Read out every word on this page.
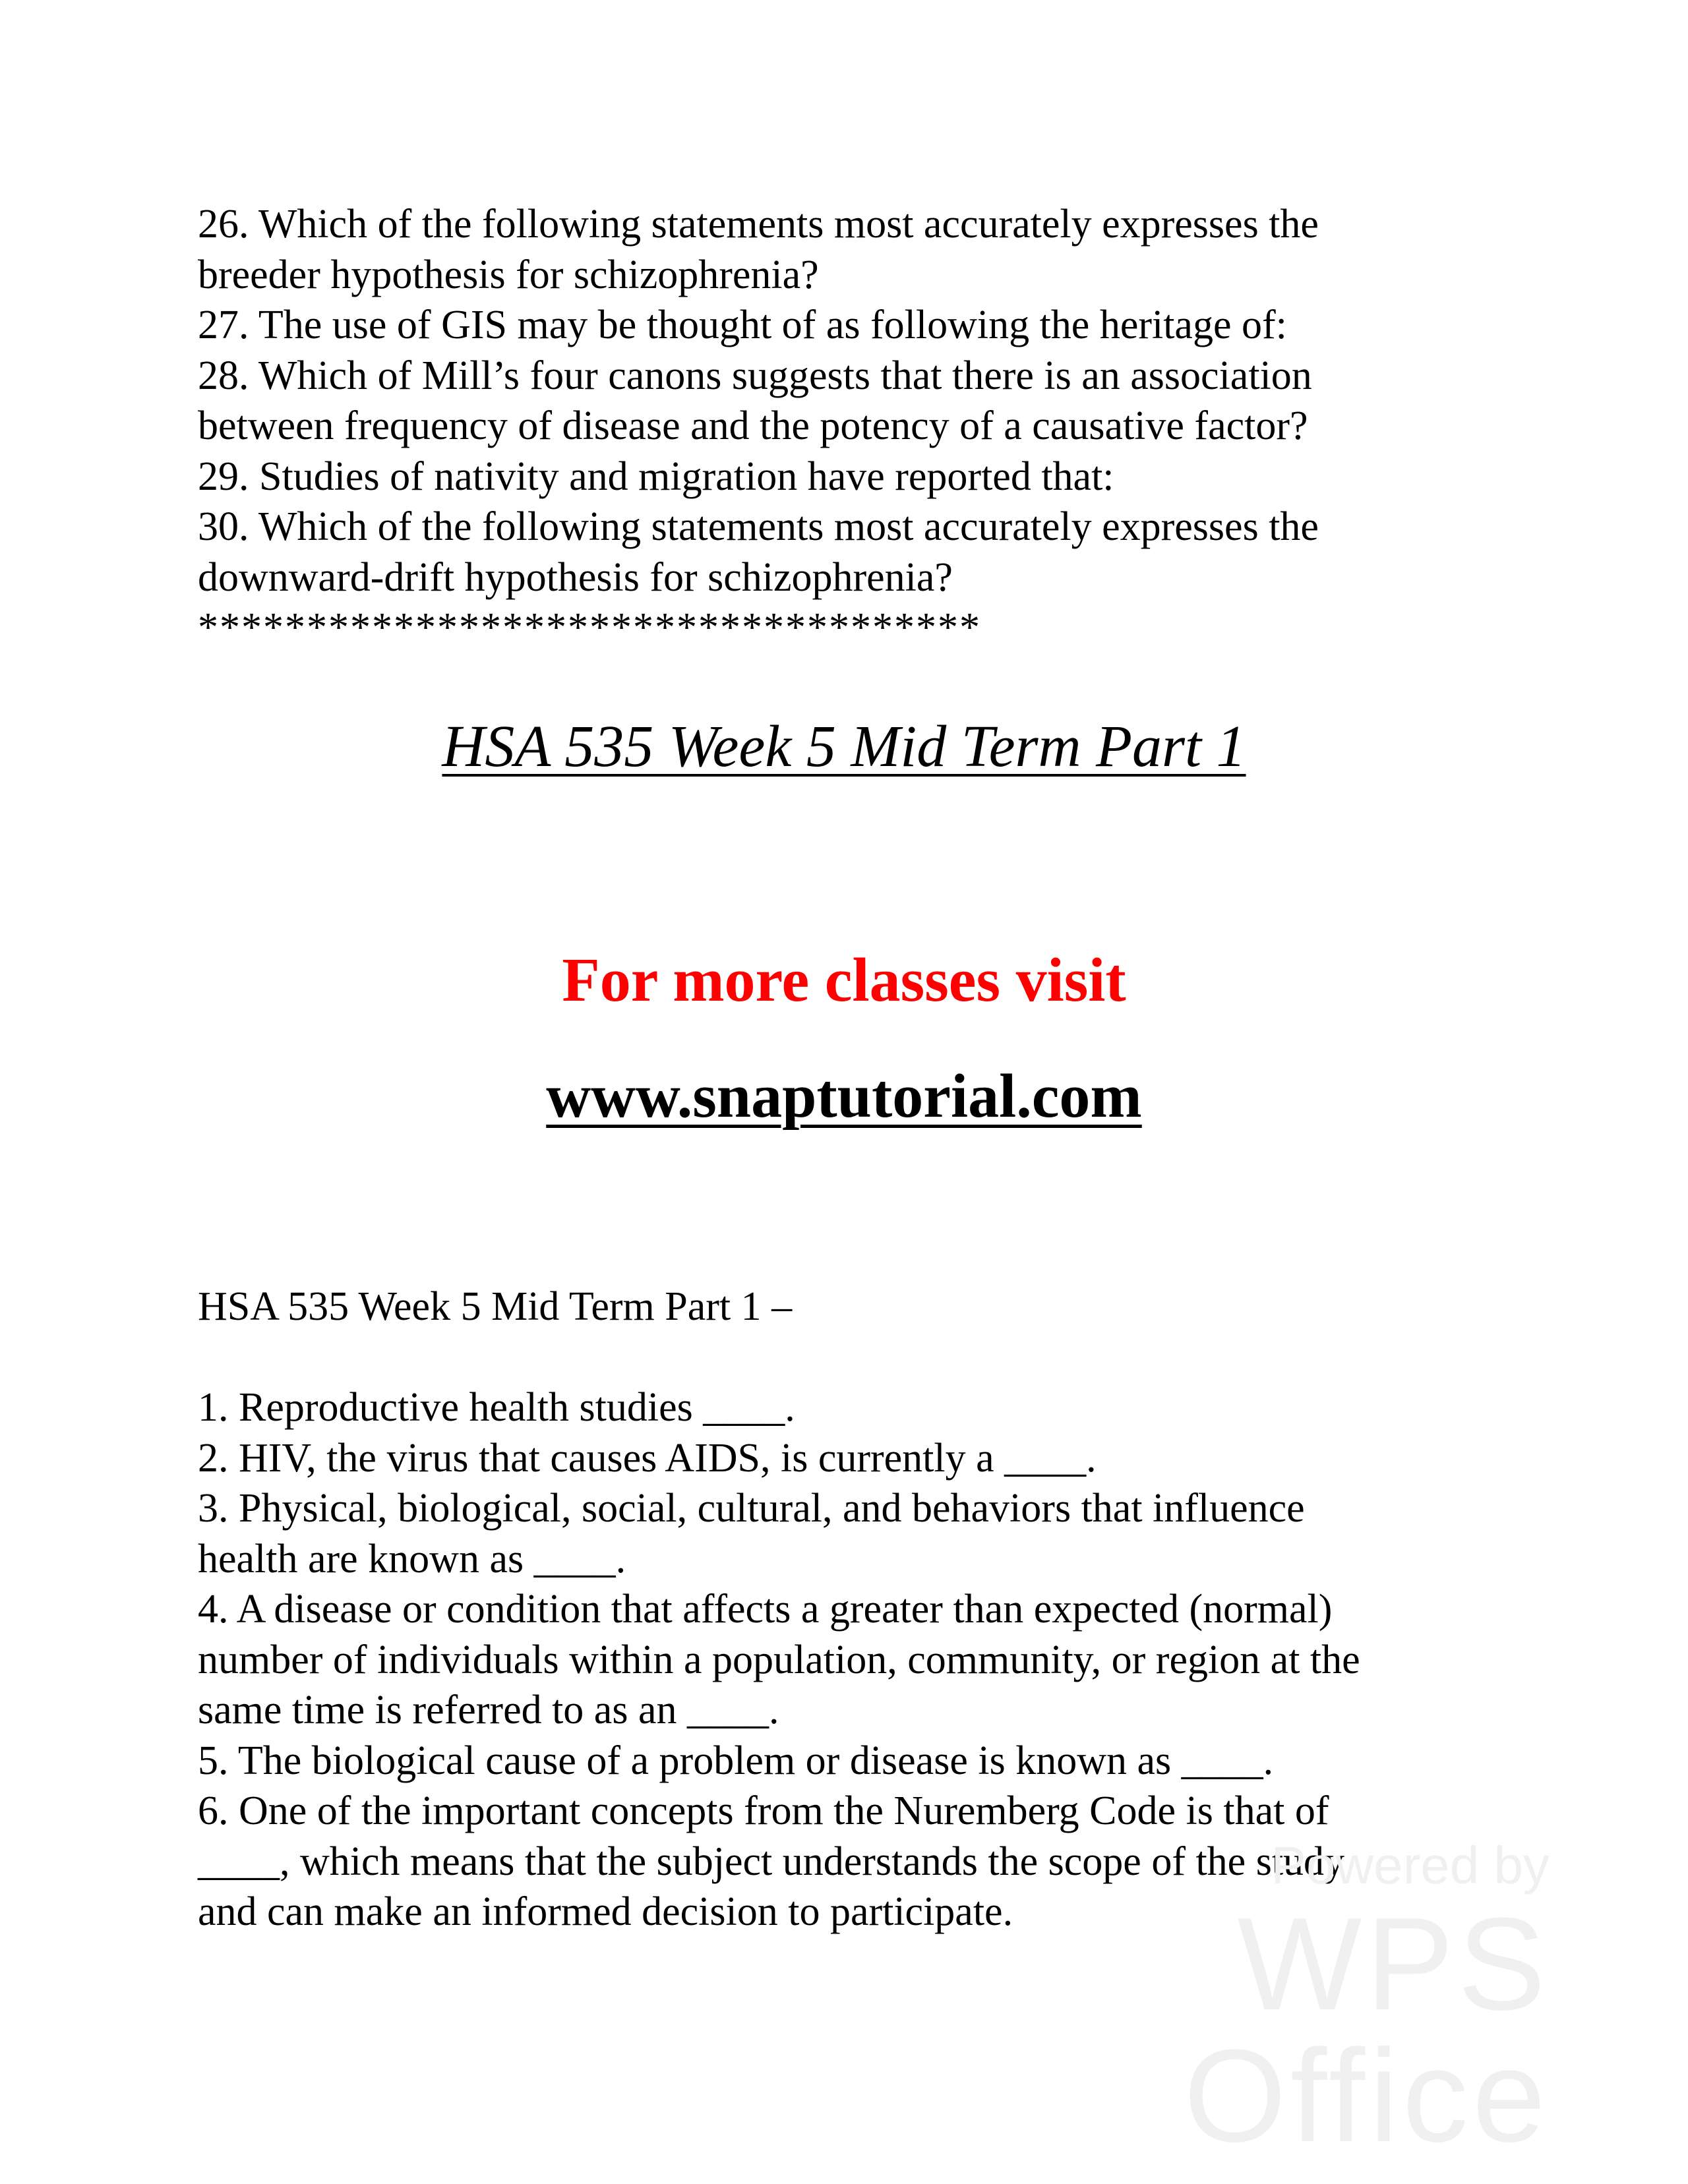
26. Which of the following statements most accurately expresses the

breeder hypothesis for schizophrenia?

27. The use of GIS may be thought of as following the heritage of:

28. Which of Mill’s four canons suggests that there is an association

between frequency of disease and the potency of a causative factor?

29. Studies of nativity and migration have reported that:

30. Which of the following statements most accurately expresses the

downward-drift hypothesis for schizophrenia?

************************************

HSA 535 Week 5 Mid Term Part 1
For more classes visit
www.snaptutorial.com
HSA 535 Week 5 Mid Term Part 1 –

1. Reproductive health studies ____.

2. HIV, the virus that causes AIDS, is currently a ____.

3. Physical, biological, social, cultural, and behaviors that influence

health are known as ____.

4. A disease or condition that affects a greater than expected (normal)

number of individuals within a population, community, or region at the

same time is referred to as an ____.

5. The biological cause of a problem or disease is known as ____.

6. One of the important concepts from the Nuremberg Code is that of

____, which means that the subject understands the scope of the study

and can make an informed decision to participate.

Powered by
WPS Office
